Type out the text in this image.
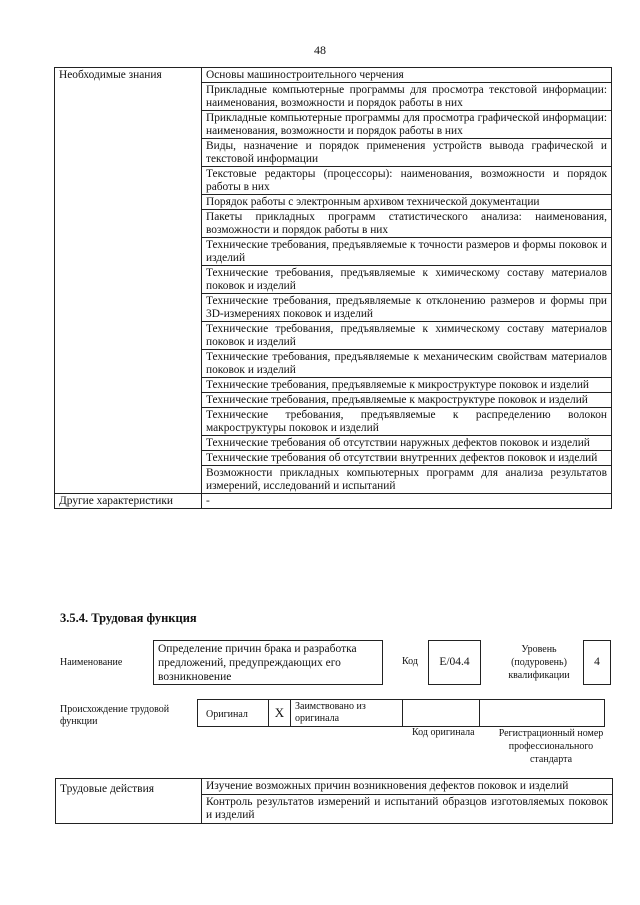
48
Необходимые знания	Основы машиностроительного черчения
	Прикладные компьютерные программы для просмотра текстовой информации: наименования, возможности и порядок работы в них
	Прикладные компьютерные программы для просмотра графической информации: наименования, возможности и порядок работы в них
	Виды, назначение и порядок применения устройств вывода графической и текстовой информации
	Текстовые редакторы (процессоры): наименования, возможности и порядок работы в них
	Порядок работы с электронным архивом технической документации
	Пакеты прикладных программ статистического анализа: наименования, возможности и порядок работы в них
	Технические требования, предъявляемые к точности размеров и формы поковок и изделий
	Технические требования, предъявляемые к химическому составу материалов поковок и изделий
	Технические требования, предъявляемые к отклонению размеров и формы при 3D-измерениях поковок и изделий
	Технические требования, предъявляемые к химическому составу материалов поковок и изделий
	Технические требования, предъявляемые к механическим свойствам материалов поковок и изделий
	Технические требования, предъявляемые к микроструктуре поковок и изделий
	Технические требования, предъявляемые к макроструктуре поковок и изделий
	Технические требования, предъявляемые к распределению волокон макроструктуры поковок и изделий
	Технические требования об отсутствии наружных дефектов поковок и изделий
	Технические требования об отсутствии внутренних дефектов поковок и изделий
	Возможности прикладных компьютерных программ для анализа результатов измерений, исследований и испытаний
Другие характеристики	-
3.5.4. Трудовая функция
Наименование
Определение причин брака и разработка предложений, предупреждающих его возникновение
Код	E/04.4
Уровень (подуровень) квалификации
4
Происхождение трудовой функции
Оригинал	X	Заимствовано из оригинала		
Код оригинала	Регистрационный номер профессионального стандарта
Трудовые действия	Изучение возможных причин возникновения дефектов поковок и изделий
Контроль результатов измерений и испытаний образцов изготовляемых поковок и изделий
